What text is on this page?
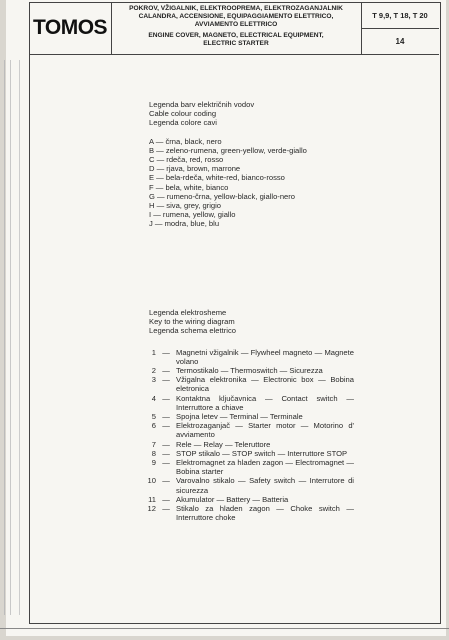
TOMOS
POKROV, VŽIGALNIK, ELEKTROOPREMA, ELEKTROZAGANJALNIK
CALANDRA, ACCENSIONE, EQUIPAGGIAMENTO ELETTRICO,
AVVIAMENTO ELETTRICO
ENGINE COVER, MAGNETO, ELECTRICAL EQUIPMENT,
ELECTRIC STARTER
T 9,9, T 18, T 20
14
Legenda barv električnih vodov
Cable colour coding
Legenda colore cavi
A — črna, black, nero
B — zeleno-rumena, green-yellow, verde-giallo
C — rdeča, red, rosso
D — rjava, brown, marrone
E — bela-rdeča, white-red, bianco-rosso
F — bela, white, bianco
G — rumeno-črna, yellow-black, giallo-nero
H — siva, grey, grigio
I — rumena, yellow, giallo
J — modra, blue, blu
Legenda elektrosheme
Key to the wiring diagram
Legenda schema elettrico
1 — Magnetni vžigalnik — Flywheel magneto — Magnete volano
2 — Termostikalo — Thermoswitch — Sicurezza
3 — Vžigalna elektronika — Electronic box — Bobina eletronica
4 — Kontaktna ključavnica — Contact switch — Interruttore a chiave
5 — Spojna letev — Terminal — Terminale
6 — Elektrozaganjač — Starter motor — Motorino d' avviamento
7 — Rele — Relay — Teleruttore
8 — STOP stikalo — STOP switch — Interruttore STOP
9 — Elektromagnet za hladen zagon — Electromagnet — Bobina starter
10 — Varovalno stikalo — Safety switch — Interrutore di sicurezza
11 — Akumulator — Battery — Batteria
12 — Stikalo za hladen zagon — Choke switch — Interruttore choke
